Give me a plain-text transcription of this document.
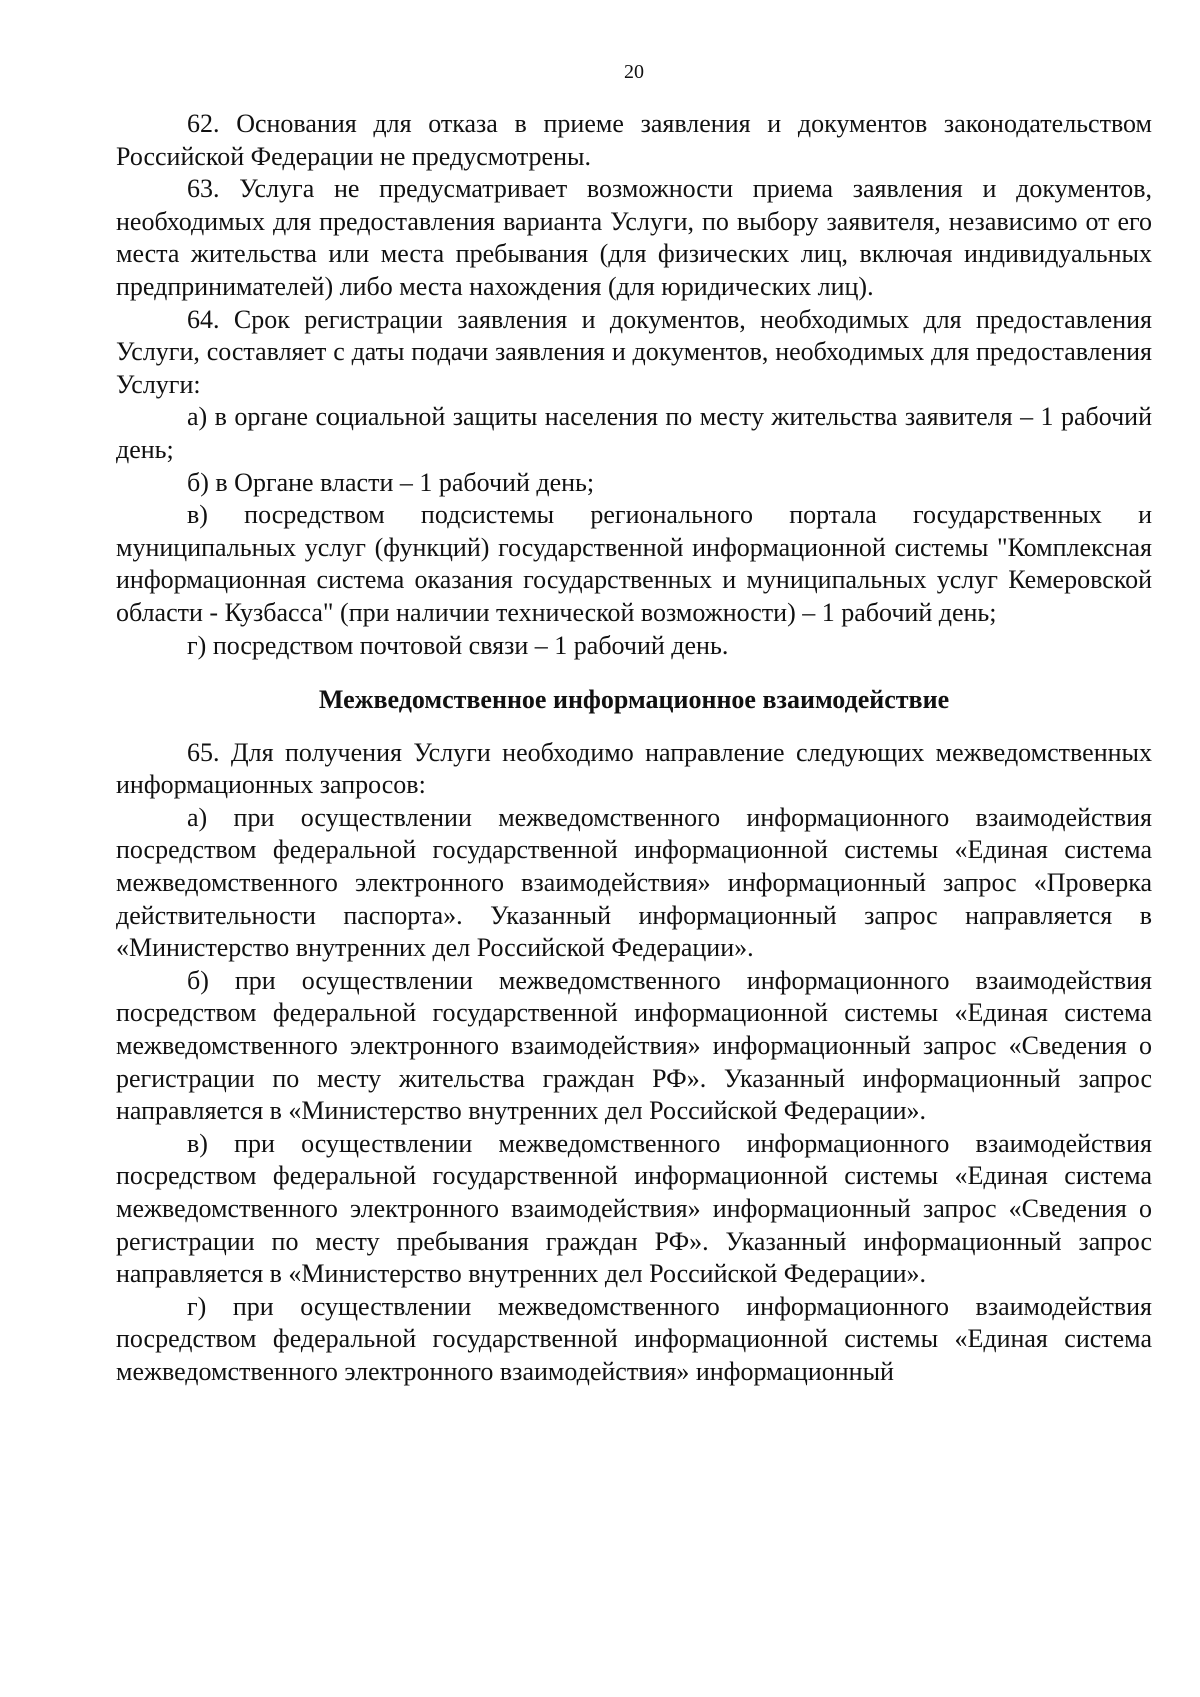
20

62. Основания для отказа в приеме заявления и документов законодательством Российской Федерации не предусмотрены.

63. Услуга не предусматривает возможности приема заявления и документов, необходимых для предоставления варианта Услуги, по выбору заявителя, независимо от его места жительства или места пребывания (для физических лиц, включая индивидуальных предпринимателей) либо места нахождения (для юридических лиц).

64. Срок регистрации заявления и документов, необходимых для предоставления Услуги, составляет с даты подачи заявления и документов, необходимых для предоставления Услуги:

а) в органе социальной защиты населения по месту жительства заявителя – 1 рабочий день;

б) в Органе власти – 1 рабочий день;

в) посредством подсистемы регионального портала государственных и муниципальных услуг (функций) государственной информационной системы "Комплексная информационная система оказания государственных и муниципальных услуг Кемеровской области - Кузбасса" (при наличии технической возможности) – 1 рабочий день;

г) посредством почтовой связи – 1 рабочий день.

Межведомственное информационное взаимодействие

65. Для получения Услуги необходимо направление следующих межведомственных информационных запросов:

а) при осуществлении межведомственного информационного взаимодействия посредством федеральной государственной информационной системы «Единая система межведомственного электронного взаимодействия» информационный запрос «Проверка действительности паспорта». Указанный информационный запрос направляется в «Министерство внутренних дел Российской Федерации».

б) при осуществлении межведомственного информационного взаимодействия посредством федеральной государственной информационной системы «Единая система межведомственного электронного взаимодействия» информационный запрос «Сведения о регистрации по месту жительства граждан РФ». Указанный информационный запрос направляется в «Министерство внутренних дел Российской Федерации».

в) при осуществлении межведомственного информационного взаимодействия посредством федеральной государственной информационной системы «Единая система межведомственного электронного взаимодействия» информационный запрос «Сведения о регистрации по месту пребывания граждан РФ». Указанный информационный запрос направляется в «Министерство внутренних дел Российской Федерации».

г) при осуществлении межведомственного информационного взаимодействия посредством федеральной государственной информационной системы «Единая система межведомственного электронного взаимодействия» информационный
